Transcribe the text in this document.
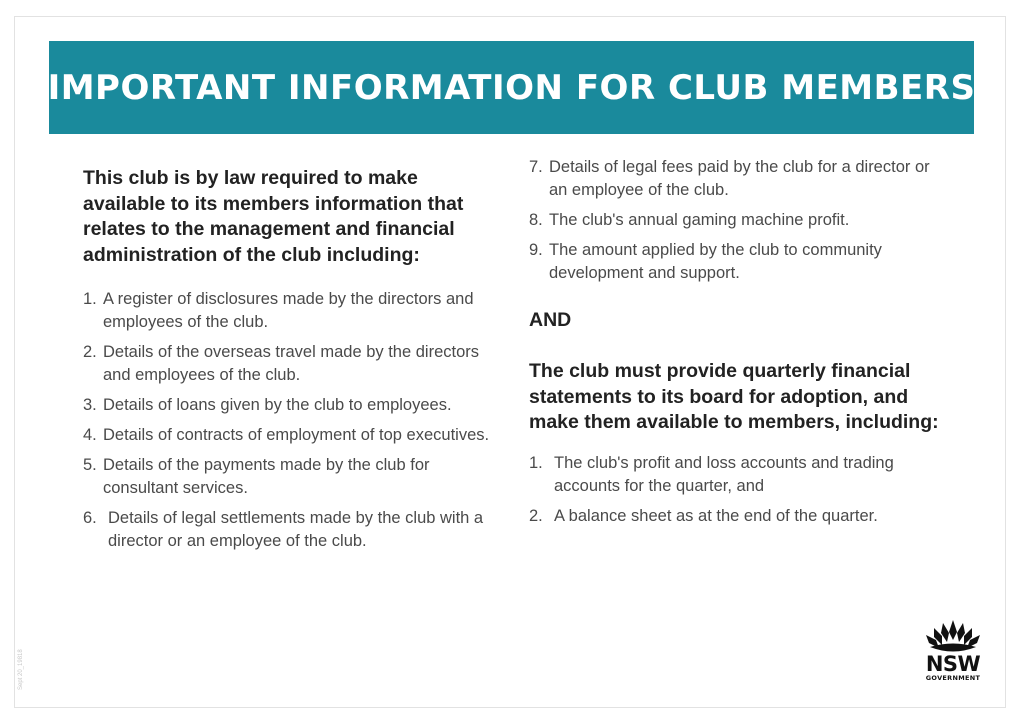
IMPORTANT INFORMATION FOR CLUB MEMBERS

This club is by law required to make available to its members information that relates to the management and financial administration of the club including:

1. A register of disclosures made by the directors and employees of the club.
2. Details of the overseas travel made by the directors and employees of the club.
3. Details of loans given by the club to employees.
4. Details of contracts of employment of top executives.
5. Details of the payments made by the club for consultant services.
6. Details of legal settlements made by the club with a director or an employee of the club.
7. Details of legal fees paid by the club for a director or an employee of the club.
8. The club's annual gaming machine profit.
9. The amount applied by the club to community development and support.
AND

The club must provide quarterly financial statements to its board for adoption, and make them available to members, including:

1. The club's profit and loss accounts and trading accounts for the quarter, and
2. A balance sheet as at the end of the quarter.
NSW
GOVERNMENT
Sept 20_19818
